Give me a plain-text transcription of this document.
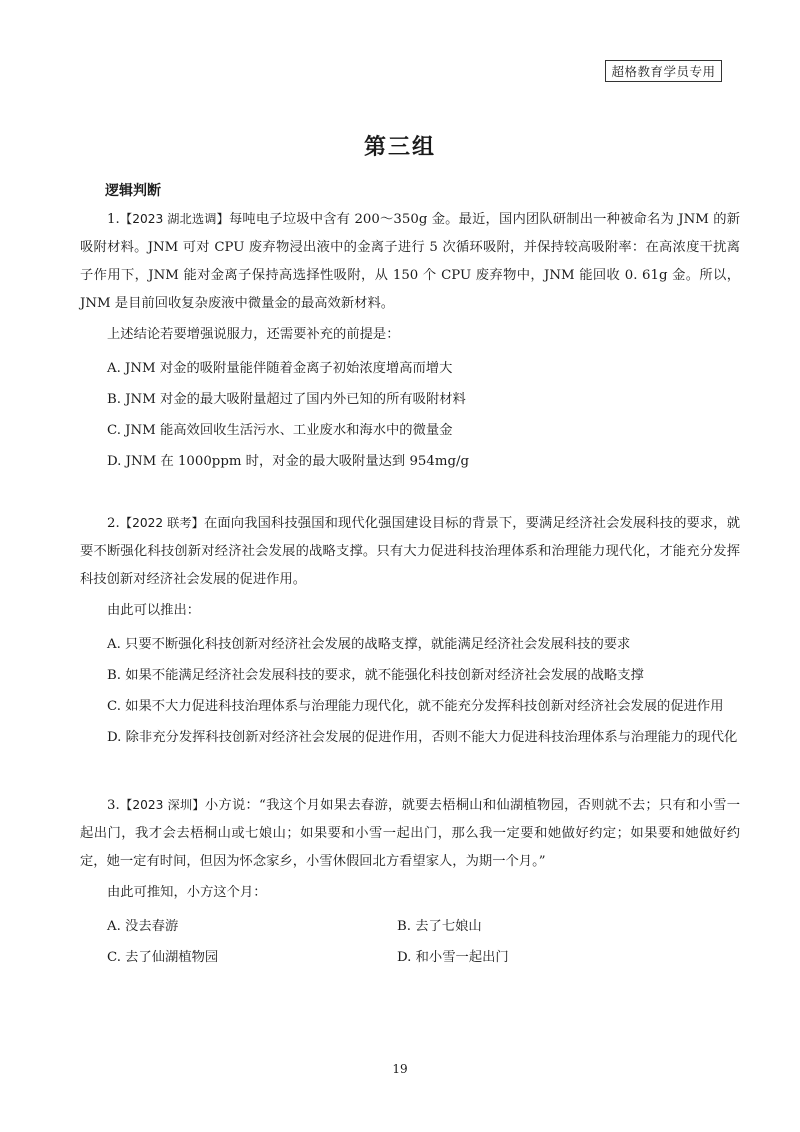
超格教育学员专用
第三组
逻辑判断

1.【2023 湖北选调】每吨电子垃圾中含有 200～350g 金。最近，国内团队研制出一种被命名为 JNM 的新吸附材料。JNM 可对 CPU 废弃物浸出液中的金离子进行 5 次循环吸附，并保持较高吸附率：在高浓度干扰离子作用下，JNM 能对金离子保持高选择性吸附，从 150 个 CPU 废弃物中，JNM 能回收 0. 61g 金。所以，JNM 是目前回收复杂废液中微量金的最高效新材料。

上述结论若要增强说服力，还需要补充的前提是：

A. JNM 对金的吸附量能伴随着金离子初始浓度增高而增大

B. JNM 对金的最大吸附量超过了国内外已知的所有吸附材料

C. JNM 能高效回收生活污水、工业废水和海水中的微量金

D. JNM 在 1000ppm 时，对金的最大吸附量达到 954mg/g

2.【2022 联考】在面向我国科技强国和现代化强国建设目标的背景下，要满足经济社会发展科技的要求，就要不断强化科技创新对经济社会发展的战略支撑。只有大力促进科技治理体系和治理能力现代化，才能充分发挥科技创新对经济社会发展的促进作用。

由此可以推出：

A. 只要不断强化科技创新对经济社会发展的战略支撑，就能满足经济社会发展科技的要求

B. 如果不能满足经济社会发展科技的要求，就不能强化科技创新对经济社会发展的战略支撑

C. 如果不大力促进科技治理体系与治理能力现代化，就不能充分发挥科技创新对经济社会发展的促进作用

D. 除非充分发挥科技创新对经济社会发展的促进作用，否则不能大力促进科技治理体系与治理能力的现代化

3.【2023 深圳】小方说：“我这个月如果去春游，就要去梧桐山和仙湖植物园，否则就不去；只有和小雪一起出门，我才会去梧桐山或七娘山；如果要和小雪一起出门，那么我一定要和她做好约定；如果要和她做好约定，她一定有时间，但因为怀念家乡，小雪休假回北方看望家人，为期一个月。”

由此可推知，小方这个月：

A. 没去春游	B. 去了七娘山

C. 去了仙湖植物园	D. 和小雪一起出门

19
